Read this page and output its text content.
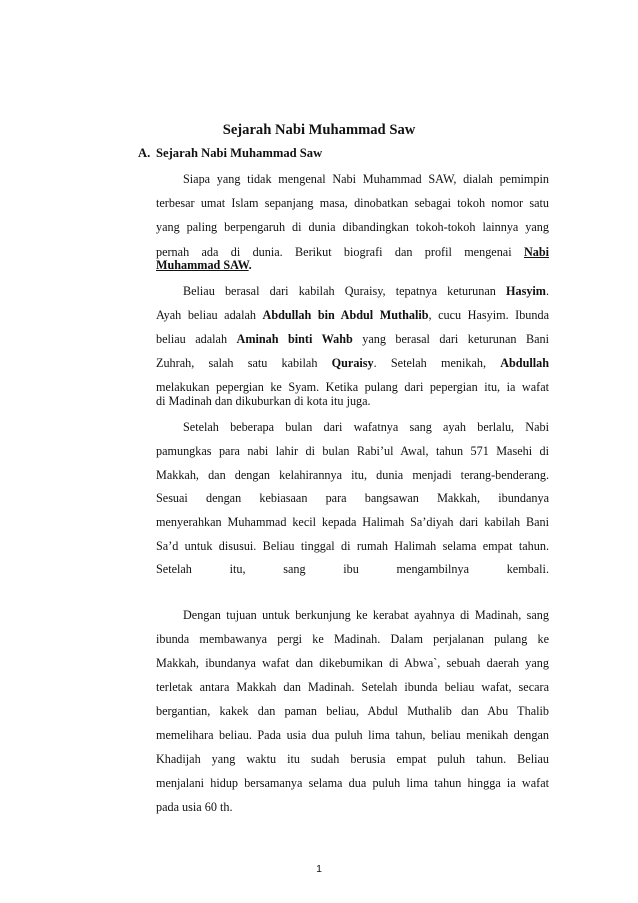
Sejarah Nabi Muhammad Saw
A. Sejarah Nabi Muhammad Saw
Siapa yang tidak mengenal Nabi Muhammad SAW, dialah pemimpin
terbesar umat Islam sepanjang masa, dinobatkan sebagai tokoh nomor satu
yang paling berpengaruh di dunia dibandingkan tokoh-tokoh lainnya yang
pernah ada di dunia. Berikut biografi dan profil mengenai Nabi
Muhammad SAW.
Beliau berasal dari kabilah Quraisy, tepatnya keturunan Hasyim.
Ayah beliau adalah Abdullah bin Abdul Muthalib, cucu Hasyim. Ibunda
beliau adalah Aminah binti Wahb yang berasal dari keturunan Bani
Zuhrah, salah satu kabilah Quraisy. Setelah menikah, Abdullah
melakukan pepergian ke Syam. Ketika pulang dari pepergian itu, ia wafat
di Madinah dan dikuburkan di kota itu juga.
Setelah beberapa bulan dari wafatnya sang ayah berlalu, Nabi
pamungkas para nabi lahir di bulan Rabi’ul Awal, tahun 571 Masehi di
Makkah, dan dengan kelahirannya itu, dunia menjadi terang-benderang.
Sesuai dengan kebiasaan para bangsawan Makkah, ibundanya
menyerahkan Muhammad kecil kepada Halimah Sa’diyah dari kabilah Bani
Sa’d untuk disusui. Beliau tinggal di rumah Halimah selama empat tahun.
Setelah itu, sang ibu mengambilnya kembali.
Dengan tujuan untuk berkunjung ke kerabat ayahnya di Madinah, sang
ibunda membawanya pergi ke Madinah. Dalam perjalanan pulang ke
Makkah, ibundanya wafat dan dikebumikan di Abwa`, sebuah daerah yang
terletak antara Makkah dan Madinah. Setelah ibunda beliau wafat, secara
bergantian, kakek dan paman beliau, Abdul Muthalib dan Abu Thalib
memelihara beliau. Pada usia dua puluh lima tahun, beliau menikah dengan
Khadijah yang waktu itu sudah berusia empat puluh tahun. Beliau
menjalani hidup bersamanya selama dua puluh lima tahun hingga ia wafat
pada usia 60 th.
1
